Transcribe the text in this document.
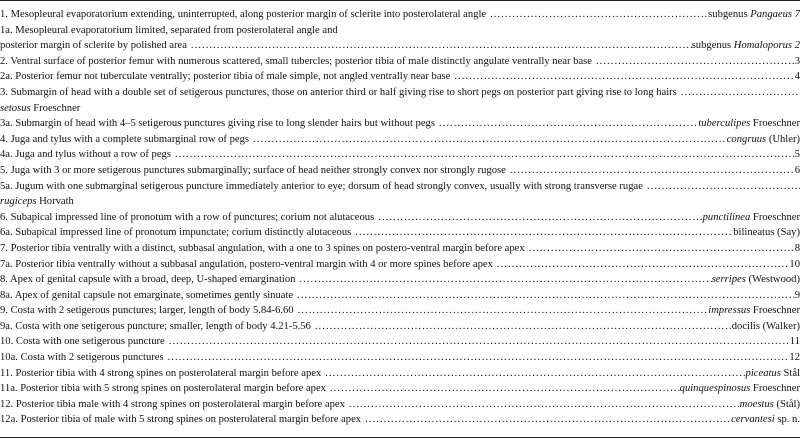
1. Mesopleural evaporatorium extending, uninterrupted, along posterior margin of sclerite into posterolateral angle . . .	subgenus Pangaeus 7
1a. Mesopleural evaporatorium limited, separated from posterolateral angle and
posterior margin of sclerite by polished area . . .	subgenus Homaloporus 2
2. Ventral surface of posterior femur with numerous scattered, small tubercles; posterior tibia of male distinctly angulate ventrally near base . . .	3
2a. Posterior femur not tuberculate ventrally; posterior tibia of male simple, not angled ventrally near base . . .	4
3. Submargin of head with a double set of setigerous punctures, those on anterior third or half giving rise to short pegs on posterior part giving rise to long hairs
. . .
setosus Froeschner
3a. Submargin of head with 4–5 setigerous punctures giving rise to long slender hairs but without pegs . . .	tuberculipes Froeschner
4. Juga and tylus with a complete submarginal row of pegs . . .	congruus (Uhler)
4a. Juga and tylus without a row of pegs . . .	5
5. Juga with 3 or more setigerous punctures submarginally; surface of head neither strongly convex nor strongly rugose . . .	6
5a. Jugum with one submarginal setigerous puncture immediately anterior to eye; dorsum of head strongly convex, usually with strong transverse rugae
. . .
rugiceps Horvath
6. Subapical impressed line of pronotum with a row of punctures; corium not alutaceous . . .	punctilinea Froeschner
6a. Subapical impressed line of pronotum impunctate; corium distinctly alutaceous . . .	bilineatus (Say)
7. Posterior tibia ventrally with a distinct, subbasal angulation, with a one to 3 spines on postero-ventral margin before apex . . .	8
7a. Posterior tibia ventrally without a subbasal angulation, postero-ventral margin with 4 or more spines before apex . . .	10
8. Apex of genital capsule with a broad, deep, U-shaped emargination . . .	serripes (Westwood)
8a. Apex of genital capsule not emarginate, sometimes gently sinuate . . .	9
9. Costa with 2 setigerous punctures; larger, length of body 5.84-6.60 . . .	impressus Froeschner
9a. Costa with one setigerous puncture; smaller, length of body 4.21-5.56 . . .	docilis (Walker)
10. Costa with one setigerous puncture . . .	11
10a. Costa with 2 setigerous punctures . . .	12
11. Posterior tibia with 4 strong spines on posterolateral margin before apex . . .	piceatus Stål
11a. Posterior tibia with 5 strong spines on posterolateral margin before apex . . .	quinquespinosus Froeschner
12. Posterior tibia male with 4 strong spines on posterolateral margin before apex . . .	moestus (Stål)
12a. Posterior tibia of male with 5 strong spines on posterolateral margin before apex . . .	cervantesi sp. n.
